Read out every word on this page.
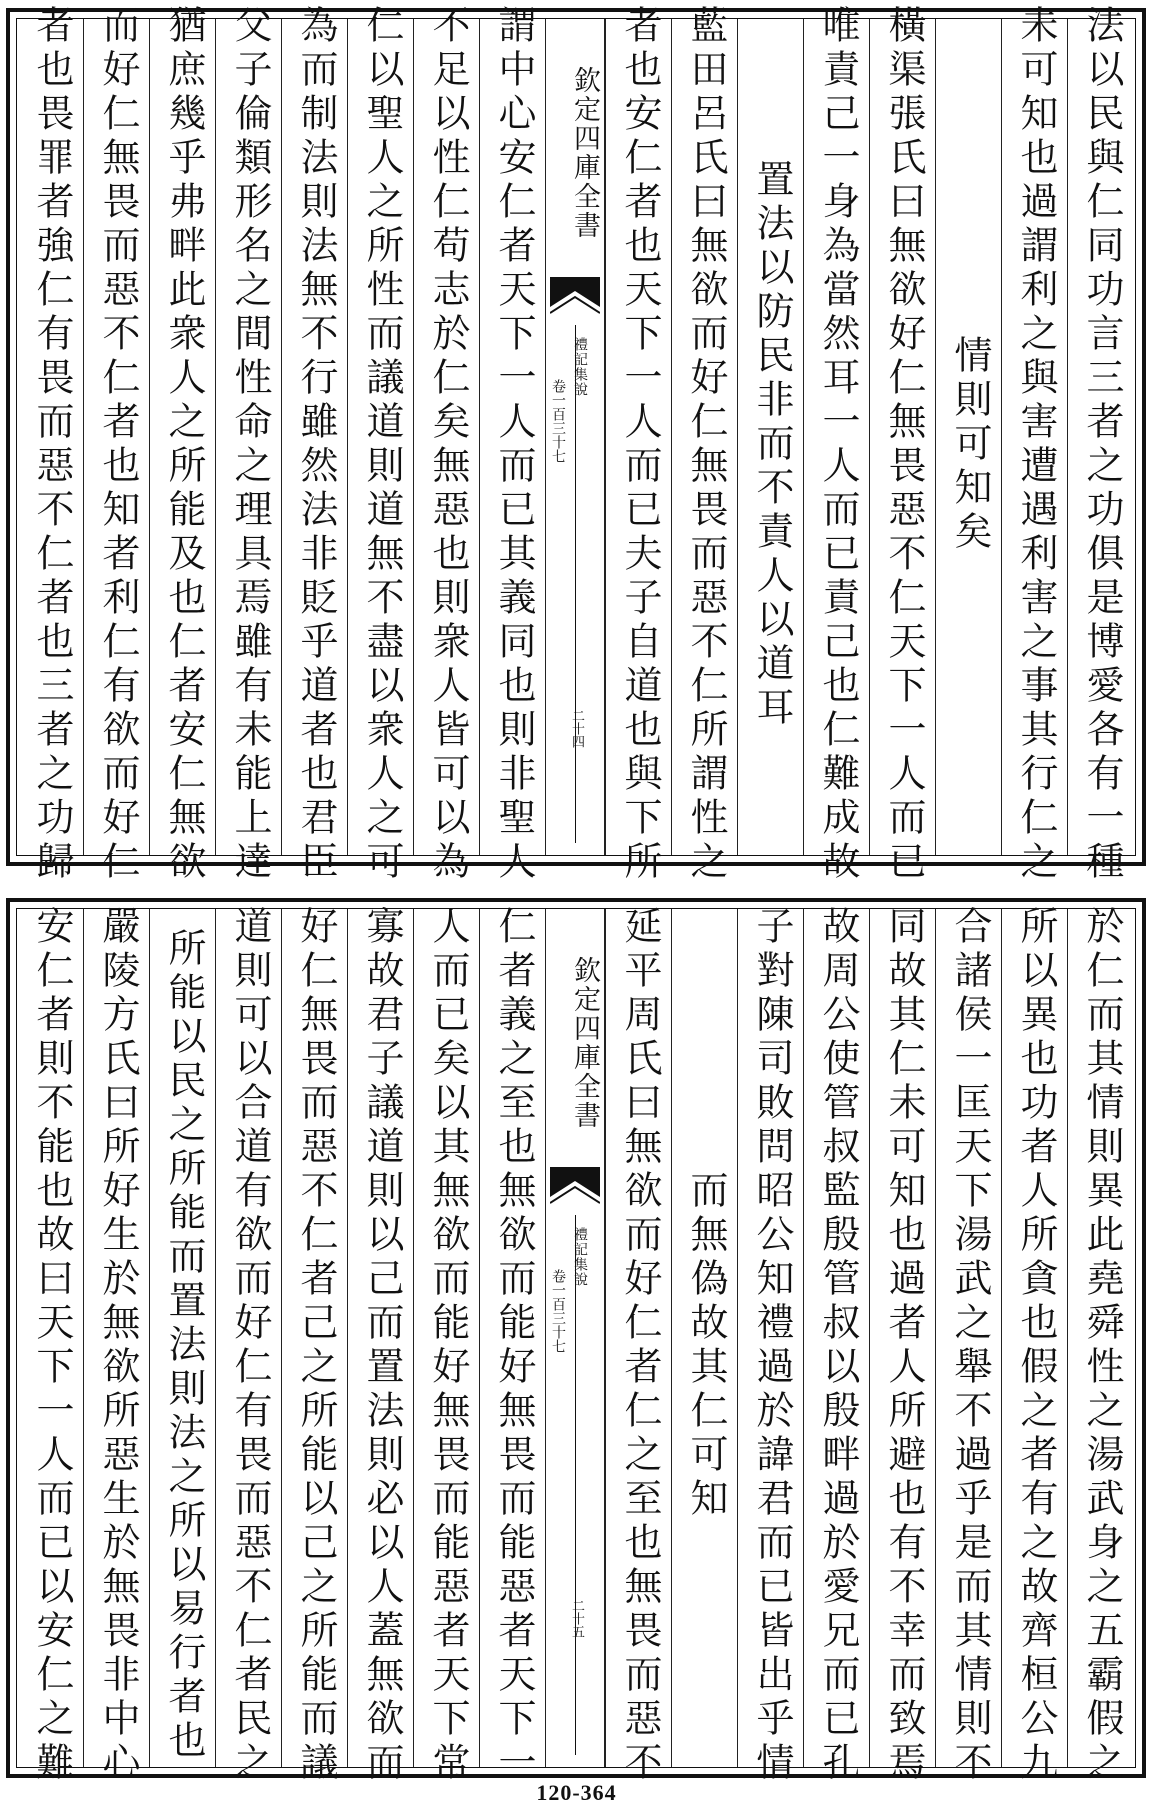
者也畏罪者強仁有畏而惡不仁者也三者之功歸 而好仁無畏而惡不仁者也知者利仁有欲而好仁 猶庶幾乎弗畔此衆人之所能及也仁者安仁無欲 父子倫類形名之間性命之理具焉雖有未能上達 為而制法則法無不行雖然法非貶乎道者也君臣 仁以聖人之所性而議道則道無不盡以衆人之可 不足以性仁苟志於仁矣無惡也則衆人皆可以為 謂中心安仁者天下一人而已其義同也則非聖人	欽定四庫全書
禮記集說
卷一百三十七
二十四 者也安仁者也天下一人而已夫子自道也與下所 藍田呂氏曰無欲而好仁無畏而惡不仁所謂性之 置法以防民非而不責人以道耳 唯責己一身為當然耳一人而已責己也仁難成故 橫渠張氏曰無欲好仁無畏惡不仁天下一人而已 情則可知矣 未可知也過謂利之與害遭遇利害之事其行仁之 法以民與仁同功言三者之功俱是博愛各有一種
安仁者則不能也故曰天下一人而已以安仁之難 嚴陵方氏曰所好生於無欲所惡生於無畏非中心 所能以民之所能而置法則法之所以易行者也 道則可以合道有欲而好仁有畏而惡不仁者民之 好仁無畏而惡不仁者己之所能以己之所能而議 寡故君子議道則以己而置法則必以人蓋無欲而 人而已矣以其無欲而能好無畏而能惡者天下常 仁者義之至也無欲而能好無畏而能惡者天下一	欽定四庫全書
禮記集說
卷一百三十七
二十五 延平周氏曰無欲而好仁者仁之至也無畏而惡不 而無偽故其仁可知 子對陳司敗問昭公知禮過於諱君而已皆出乎情 故周公使管叔監殷管叔以殷畔過於愛兄而已孔 同故其仁未可知也過者人所避也有不幸而致焉 合諸侯一匡天下湯武之舉不過乎是而其情則不 所以異也功者人所貪也假之者有之故齊桓公九 於仁而其情則異此堯舜性之湯武身之五霸假之
120-364
